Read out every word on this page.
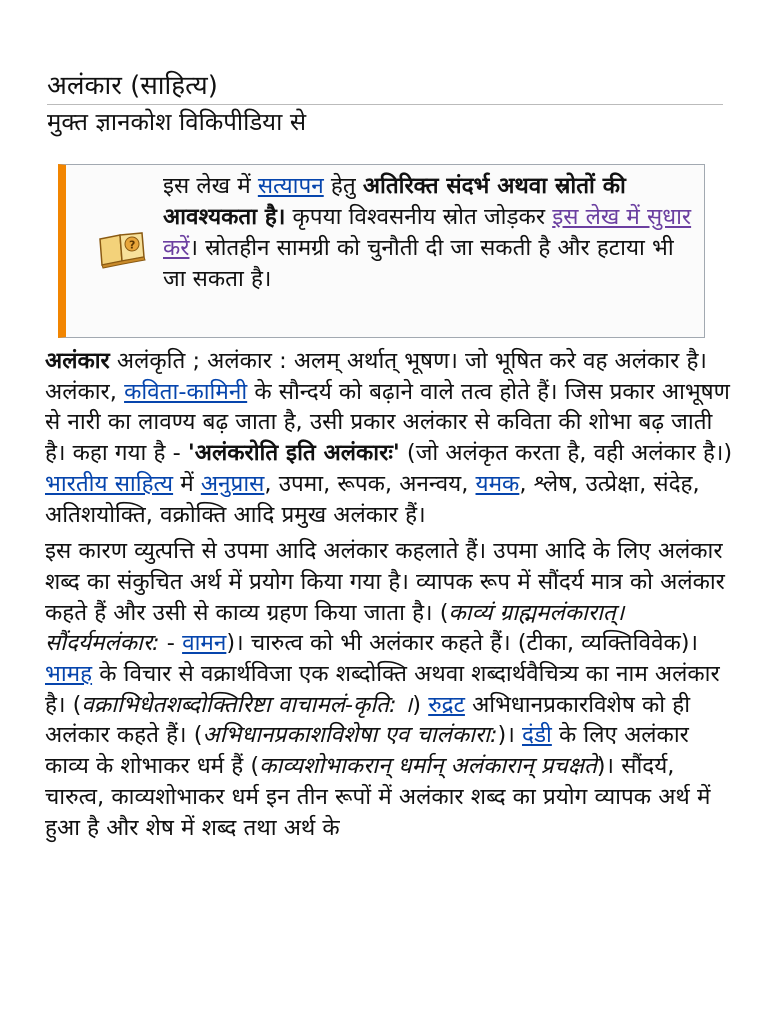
अलंकार (साहित्य)
मुक्त ज्ञानकोश विकिपीडिया से
?
इस लेख में सत्यापन हेतु अतिरिक्त संदर्भ अथवा स्रोतों की आवश्यकता है। कृपया विश्वसनीय स्रोत जोड़कर इस लेख में सुधार करें। स्रोतहीन सामग्री को चुनौती दी जा सकती है और हटाया भी जा सकता है।

अलंकार अलंकृति ; अलंकार : अलम् अर्थात् भूषण। जो भूषित करे वह अलंकार है। अलंकार, कविता-कामिनी के सौन्दर्य को बढ़ाने वाले तत्व होते हैं। जिस प्रकार आभूषण से नारी का लावण्य बढ़ जाता है, उसी प्रकार अलंकार से कविता की शोभा बढ़ जाती है। कहा गया है - 'अलंकरोति इति अलंकारः' (जो अलंकृत करता है, वही अलंकार है।) भारतीय साहित्य में अनुप्रास, उपमा, रूपक, अनन्वय, यमक, श्लेष, उत्प्रेक्षा, संदेह, अतिशयोक्ति, वक्रोक्ति आदि प्रमुख अलंकार हैं।

इस कारण व्युत्पत्ति से उपमा आदि अलंकार कहलाते हैं। उपमा आदि के लिए अलंकार शब्द का संकुचित अर्थ में प्रयोग किया गया है। व्यापक रूप में सौंदर्य मात्र को अलंकार कहते हैं और उसी से काव्य ग्रहण किया जाता है। (काव्यं ग्राह्ममलंकारात्। सौंदर्यमलंकार: - वामन)। चारुत्व को भी अलंकार कहते हैं। (टीका, व्यक्तिविवेक)। भामह के विचार से वक्रार्थविजा एक शब्दोक्ति अथवा शब्दार्थवैचित्र्य का नाम अलंकार है। (वक्राभिधेतशब्दोक्तिरिष्टा वाचामलं-कृति: ।) रुद्रट अभिधानप्रकारविशेष को ही अलंकार कहते हैं। (अभिधानप्रकाशविशेषा एव चालंकारा:)। दंडी के लिए अलंकार काव्य के शोभाकर धर्म हैं (काव्यशोभाकरान् धर्मान् अलंकारान् प्रचक्षते)। सौंदर्य, चारुत्व, काव्यशोभाकर धर्म इन तीन रूपों में अलंकार शब्द का प्रयोग व्यापक अर्थ में हुआ है और शेष में शब्द तथा अर्थ के
